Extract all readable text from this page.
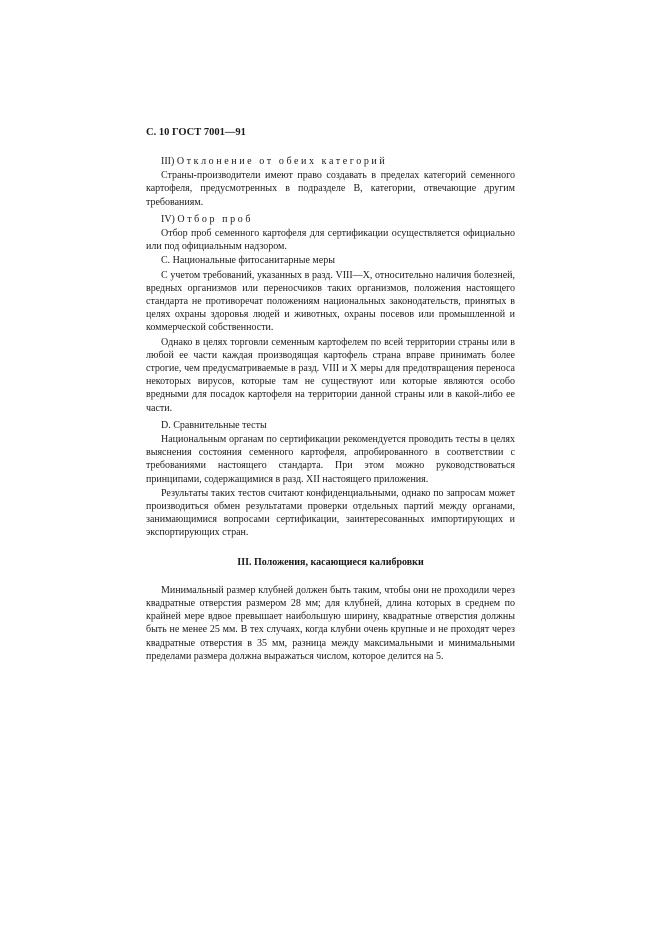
С. 10 ГОСТ 7001—91

III) Отклонение от обеих категорий

Страны-производители имеют право создавать в пределах категорий семенного картофеля, предусмотренных в подразделе В, категории, отвечающие другим требованиям.

IV) Отбор проб

Отбор проб семенного картофеля для сертификации осуществляется официально или под официальным надзором.

С. Национальные фитосанитарные меры

С учетом требований, указанных в разд. VIII—X, относительно наличия болезней, вредных организмов или переносчиков таких организмов, положения настоящего стандарта не противоречат положениям национальных законодательств, принятых в целях охраны здоровья людей и животных, охраны посевов или промышленной и коммерческой собственности.

Однако в целях торговли семенным картофелем по всей территории страны или в любой ее части каждая производящая картофель страна вправе принимать более строгие, чем предусматриваемые в разд. VIII и X меры для предотвращения переноса некоторых вирусов, которые там не существуют или которые являются особо вредными для посадок картофеля на территории данной страны или в какой-либо ее части.

D. Сравнительные тесты

Национальным органам по сертификации рекомендуется проводить тесты в целях выяснения состояния семенного картофеля, апробированного в соответствии с требованиями настоящего стандарта. При этом можно руководствоваться принципами, содержащимися в разд. XII настоящего приложения.

Результаты таких тестов считают конфиденциальными, однако по запросам может производиться обмен результатами проверки отдельных партий между органами, занимающимися вопросами сертификации, заинтересованных импортирующих и экспортирующих стран.

III. Положения, касающиеся калибровки

Минимальный размер клубней должен быть таким, чтобы они не проходили через квадратные отверстия размером 28 мм; для клубней, длина которых в среднем по крайней мере вдвое превышает наибольшую ширину, квадратные отверстия должны быть не менее 25 мм. В тех случаях, когда клубни очень крупные и не проходят через квадратные отверстия в 35 мм, разница между максимальными и минимальными пределами размера должна выражаться числом, которое делится на 5.
